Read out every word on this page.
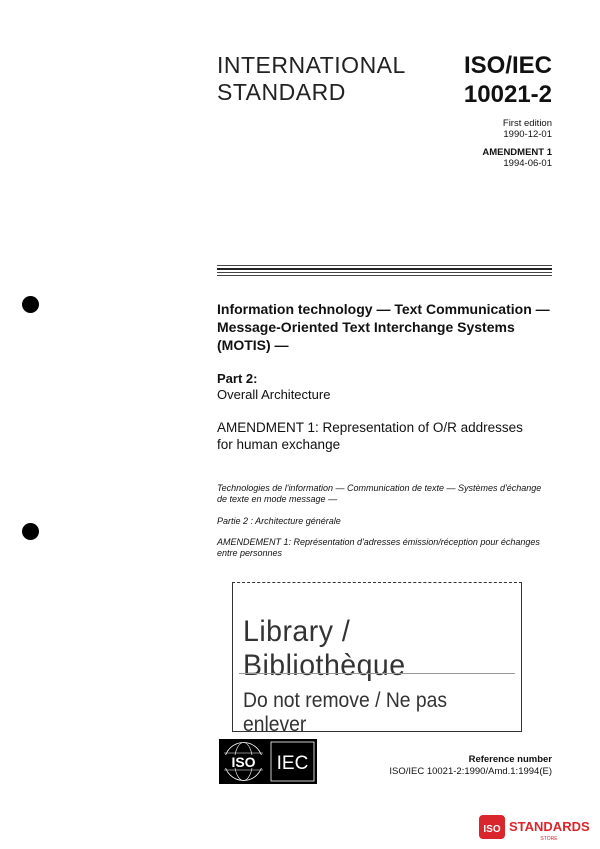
INTERNATIONAL
STANDARD
ISO/IEC
10021-2
First edition
1990-12-01
AMENDMENT 1
1994-06-01
Information technology — Text Communication —
Message-Oriented Text Interchange Systems
(MOTIS) —
Part 2:
Overall Architecture
AMENDMENT 1: Representation of O/R addresses
for human exchange
Technologies de l'information — Communication de texte — Systèmes d'échange
de texte en mode message —
Partie 2 : Architecture générale
AMENDEMENT 1: Représentation d'adresses émission/réception pour échanges
entre personnes
Library / Bibliothèque
Do not remove / Ne pas enlever
ISO IEC	Reference number
ISO/IEC 10021-2:1990/Amd.1:1994(E)
ISO STANDARDS
STORE
